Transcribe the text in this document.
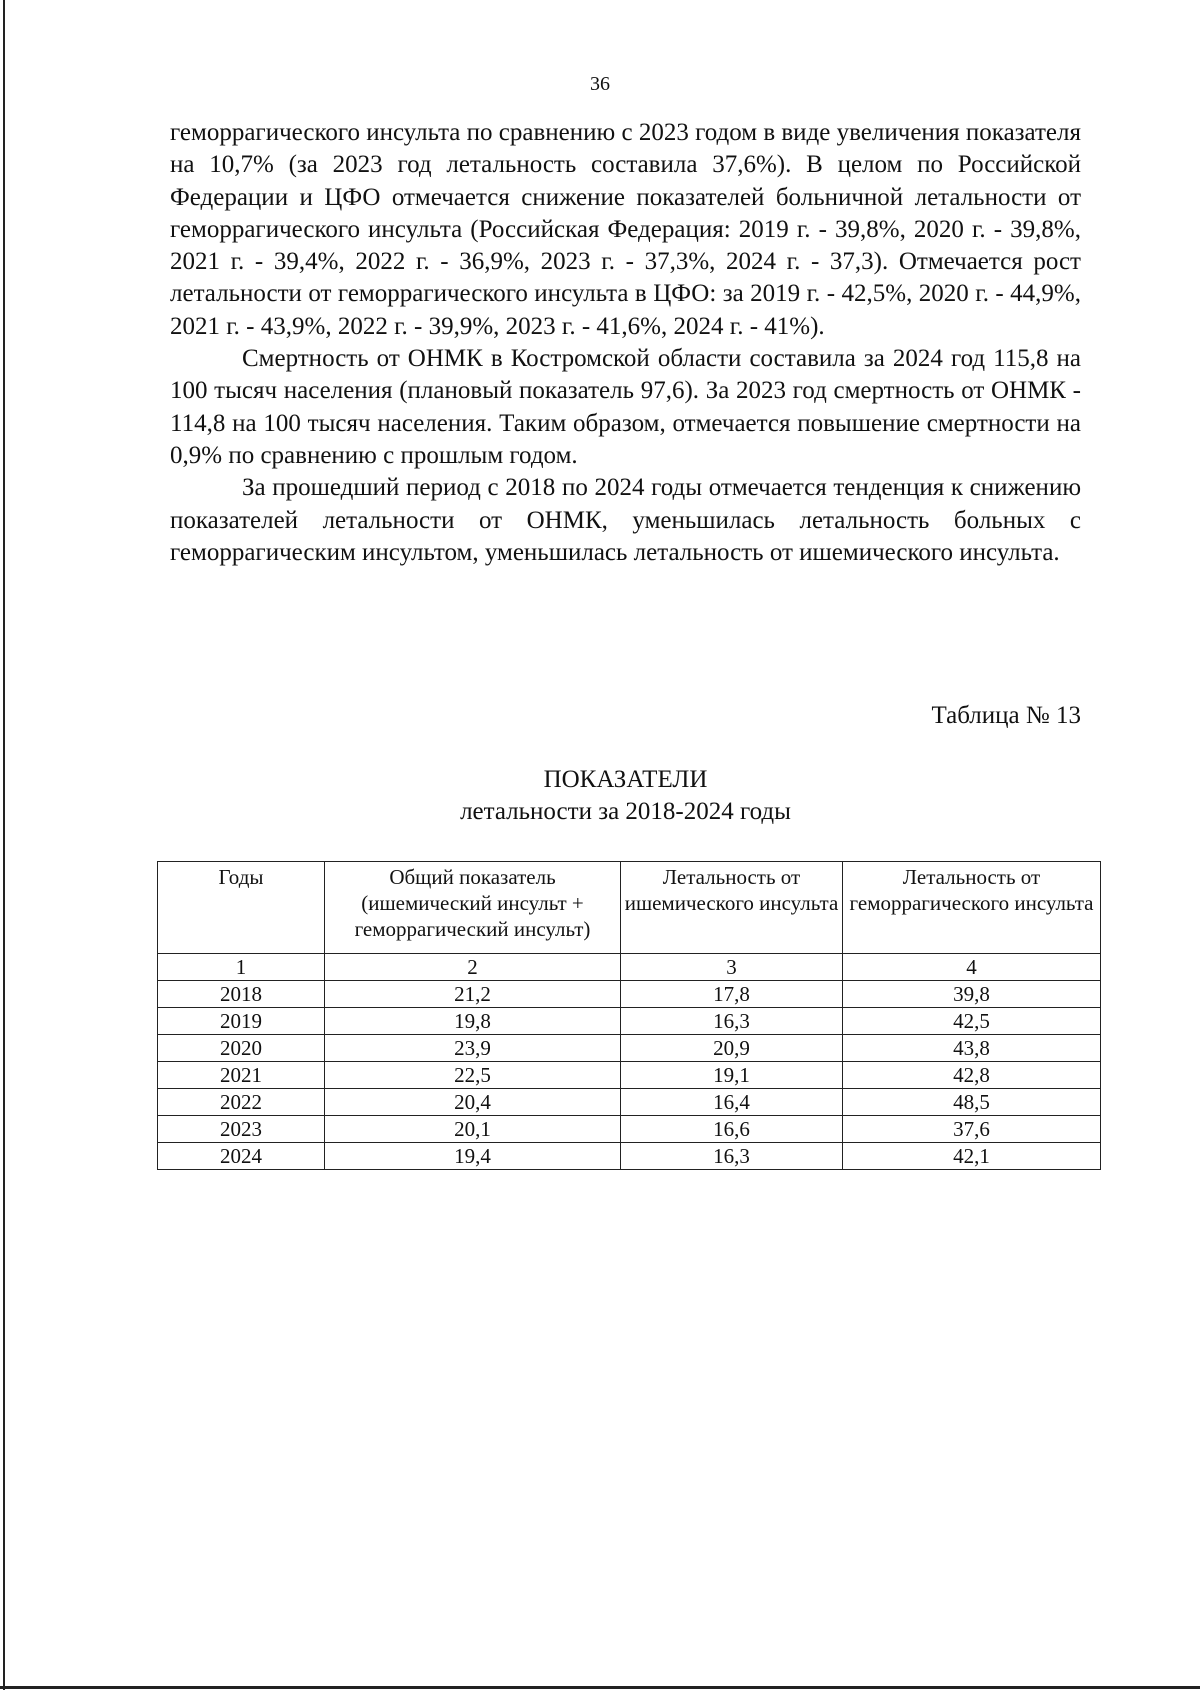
36

геморрагического инсульта по сравнению с 2023 годом в виде увеличения показателя на 10,7% (за 2023 год летальность составила 37,6%). В целом по Российской Федерации и ЦФО отмечается снижение показателей больничной летальности от геморрагического инсульта (Российская Федерация: 2019 г. - 39,8%, 2020 г. - 39,8%, 2021 г. - 39,4%, 2022 г. - 36,9%, 2023 г. - 37,3%, 2024 г. - 37,3). Отмечается рост летальности от геморрагического инсульта в ЦФО: за 2019 г. - 42,5%, 2020 г. - 44,9%, 2021 г. - 43,9%, 2022 г. - 39,9%, 2023 г. - 41,6%, 2024 г. - 41%).

Смертность от ОНМК в Костромской области составила за 2024 год 115,8 на 100 тысяч населения (плановый показатель 97,6). За 2023 год смертность от ОНМК - 114,8 на 100 тысяч населения. Таким образом, отмечается повышение смертности на 0,9% по сравнению с прошлым годом.

За прошедший период с 2018 по 2024 годы отмечается тенденция к снижению показателей летальности от ОНМК, уменьшилась летальность больных с геморрагическим инсультом, уменьшилась летальность от ишемического инсульта.

Таблица № 13
ПОКАЗАТЕЛИ
летальности за 2018-2024 годы
Годы	Общий показатель (ишемический инсульт + геморрагический инсульт)	Летальность от ишемического инсульта	Летальность от геморрагического инсульта
1	2	3	4
2018	21,2	17,8	39,8
2019	19,8	16,3	42,5
2020	23,9	20,9	43,8
2021	22,5	19,1	42,8
2022	20,4	16,4	48,5
2023	20,1	16,6	37,6
2024	19,4	16,3	42,1
